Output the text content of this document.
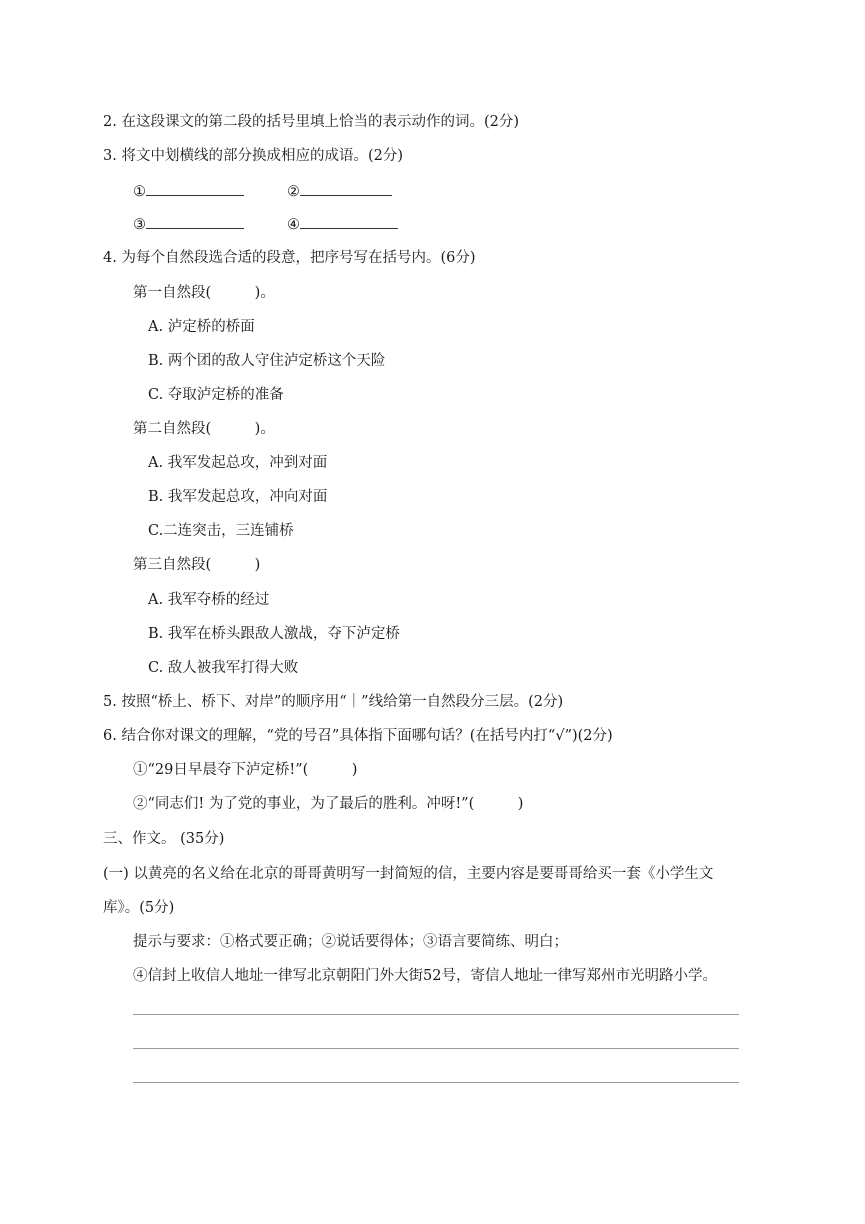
2. 在这段课文的第二段的括号里填上恰当的表示动作的词。(2分)
3. 将文中划横线的部分换成相应的成语。(2分)
①	②
③	④
4. 为每个自然段选合适的段意，把序号写在括号内。(6分)
第一自然段(　　　)。
A. 泸定桥的桥面
B. 两个团的敌人守住泸定桥这个天险
C. 夺取泸定桥的准备
第二自然段(　　　)。
A. 我军发起总攻，冲到对面
B. 我军发起总攻，冲向对面
C.二连突击，三连铺桥
第三自然段(　　　)
A. 我军夺桥的经过
B. 我军在桥头跟敌人激战，夺下泸定桥
C. 敌人被我军打得大败
5. 按照“桥上、桥下、对岸”的顺序用“｜”线给第一自然段分三层。(2分)
6. 结合你对课文的理解，“党的号召”具体指下面哪句话？(在括号内打“√”)(2分)
①“29日早晨夺下泸定桥!”(　　　)
②“同志们! 为了党的事业，为了最后的胜利。冲呀!”(　　　)
三、作文。 (35分)
(一) 以黄亮的名义给在北京的哥哥黄明写一封简短的信，主要内容是要哥哥给买一套《小学生文
库》。(5分)
提示与要求：①格式要正确；②说话要得体；③语言要简练、明白；
④信封上收信人地址一律写北京朝阳门外大街52号，寄信人地址一律写郑州市光明路小学。
